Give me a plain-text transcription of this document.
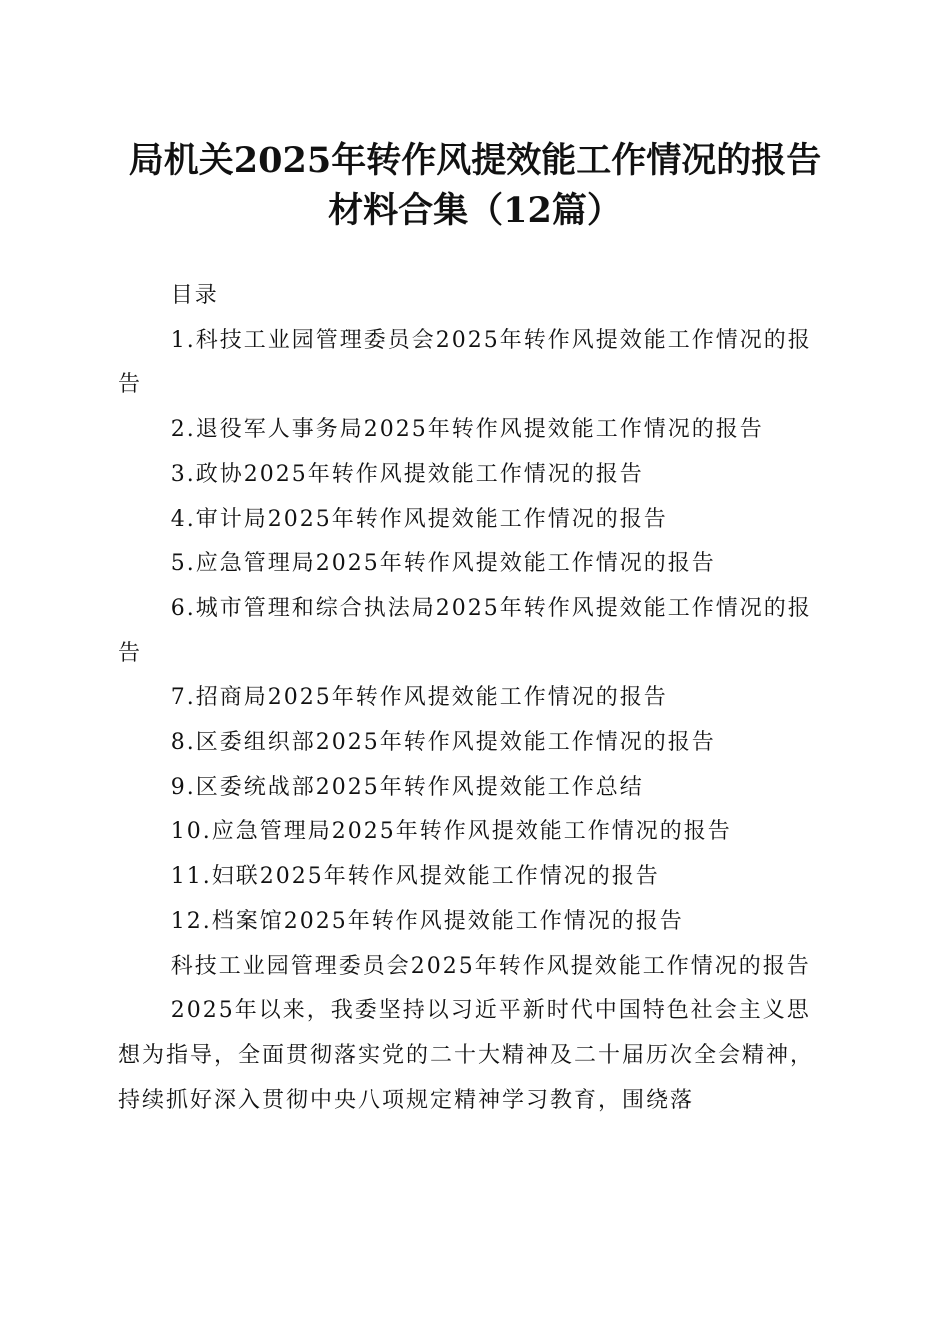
局机关2025年转作风提效能工作情况的报告
材料合集（12篇）

目录

1.科技工业园管理委员会2025年转作风提效能工作情况的报告

2.退役军人事务局2025年转作风提效能工作情况的报告

3.政协2025年转作风提效能工作情况的报告

4.审计局2025年转作风提效能工作情况的报告

5.应急管理局2025年转作风提效能工作情况的报告

6.城市管理和综合执法局2025年转作风提效能工作情况的报告

7.招商局2025年转作风提效能工作情况的报告

8.区委组织部2025年转作风提效能工作情况的报告

9.区委统战部2025年转作风提效能工作总结

10.应急管理局2025年转作风提效能工作情况的报告

11.妇联2025年转作风提效能工作情况的报告

12.档案馆2025年转作风提效能工作情况的报告

科技工业园管理委员会2025年转作风提效能工作情况的报告

2025年以来，我委坚持以习近平新时代中国特色社会主义思想为指导，全面贯彻落实党的二十大精神及二十届历次全会精神，持续抓好深入贯彻中央八项规定精神学习教育，围绕落
